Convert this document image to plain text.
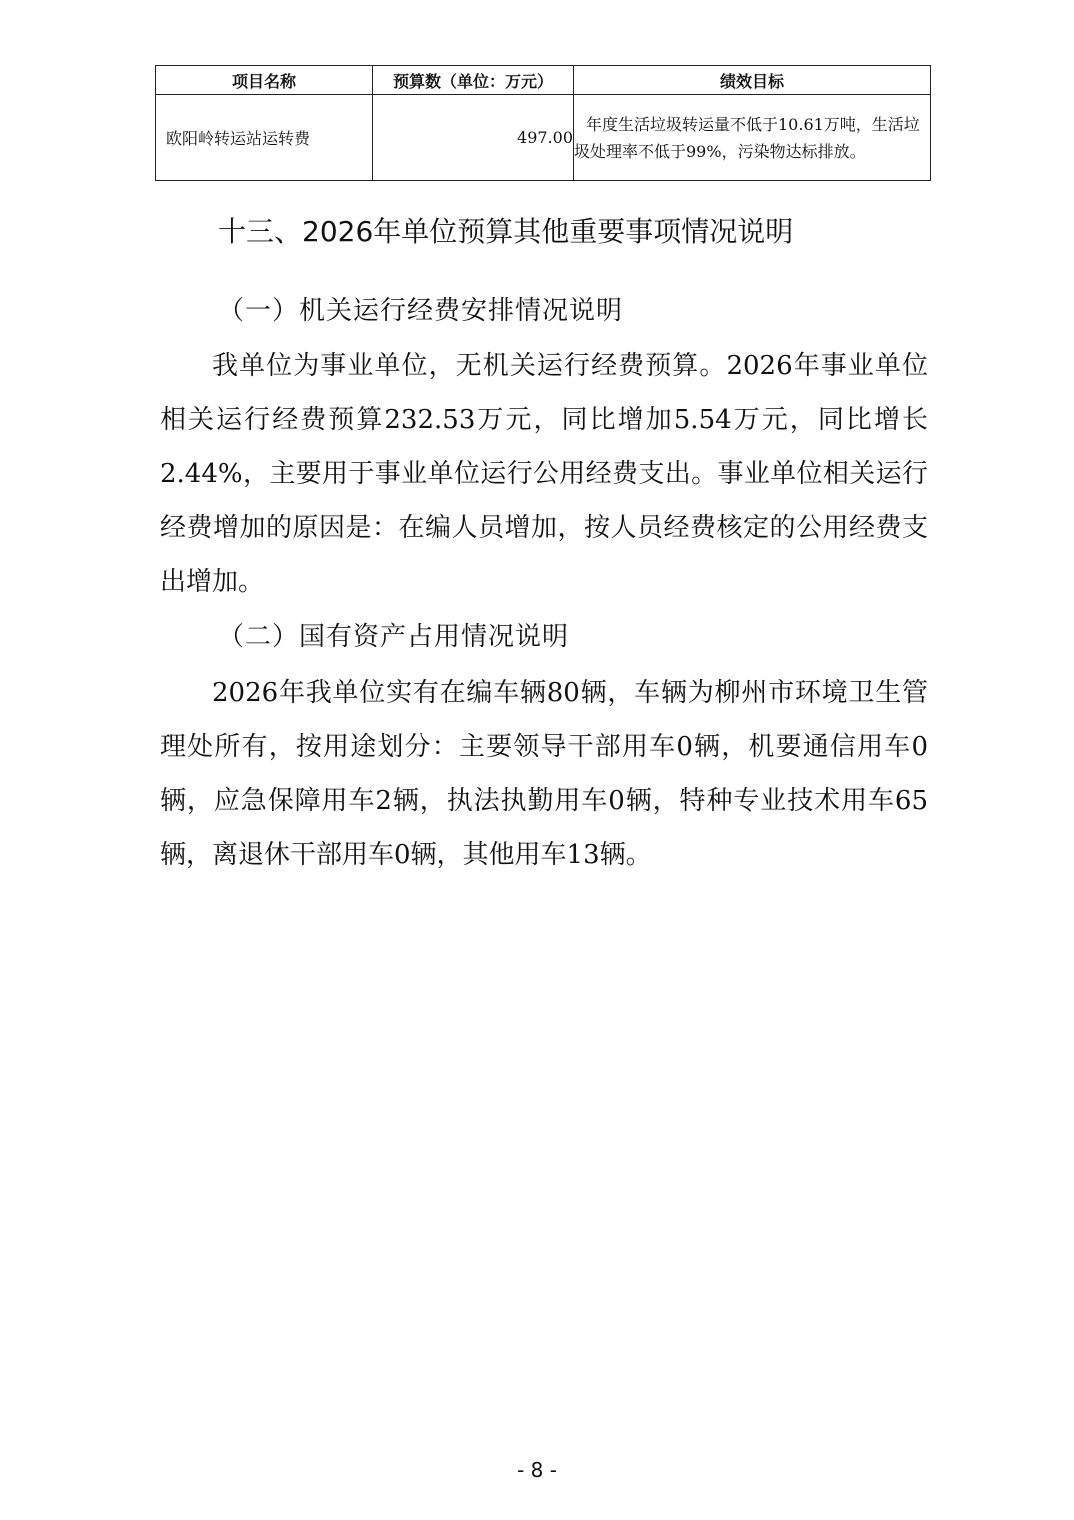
项目名称	预算数（单位：万元）	绩效目标
欧阳岭转运站运转费	497.00	年度生活垃圾转运量不低于10.61万吨，生活垃圾处理率不低于99%，污染物达标排放。
十三、2026年单位预算其他重要事项情况说明
（一）机关运行经费安排情况说明
我单位为事业单位，无机关运行经费预算。2026年事业单位相关运行经费预算232.53万元，同比增加5.54万元，同比增长2.44%，主要用于事业单位运行公用经费支出。事业单位相关运行经费增加的原因是：在编人员增加，按人员经费核定的公用经费支出增加。
（二）国有资产占用情况说明
2026年我单位实有在编车辆80辆，车辆为柳州市环境卫生管理处所有，按用途划分：主要领导干部用车0辆，机要通信用车0辆，应急保障用车2辆，执法执勤用车0辆，特种专业技术用车65辆，离退休干部用车0辆，其他用车13辆。
- 8 -
